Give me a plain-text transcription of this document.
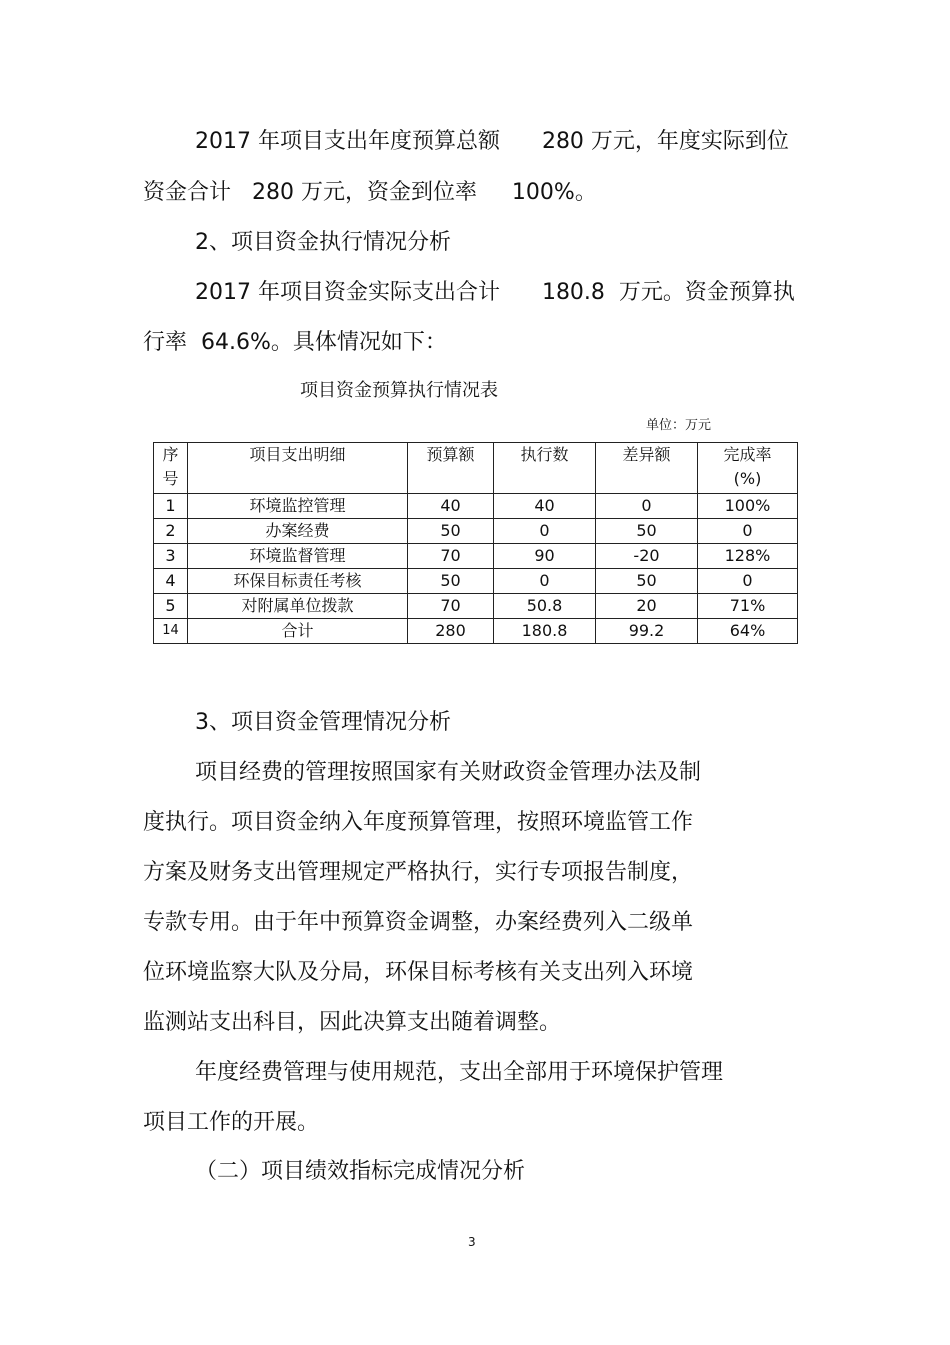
2017 年项目支出年度预算总额      280 万元，年度实际到位
资金合计   280 万元，资金到位率     100%。
2、项目资金执行情况分析
2017 年项目资金实际支出合计      180.8  万元。资金预算执
行率  64.6%。具体情况如下：
项目资金预算执行情况表
单位：万元
序号	项目支出明细	预算额	执行数	差异额	完成率
(%)
1	环境监控管理	40	40	0	100%
2	办案经费	50	0	50	0
3	环境监督管理	70	90	-20	128%
4	环保目标责任考核	50	0	50	0
5	对附属单位拨款	70	50.8	20	71%
14	合计	280	180.8	99.2	64%
3、项目资金管理情况分析
项目经费的管理按照国家有关财政资金管理办法及制
度执行。项目资金纳入年度预算管理，按照环境监管工作
方案及财务支出管理规定严格执行，实行专项报告制度，
专款专用。由于年中预算资金调整，办案经费列入二级单
位环境监察大队及分局，环保目标考核有关支出列入环境
监测站支出科目，因此决算支出随着调整。
年度经费管理与使用规范，支出全部用于环境保护管理
项目工作的开展。
（二）项目绩效指标完成情况分析
3
